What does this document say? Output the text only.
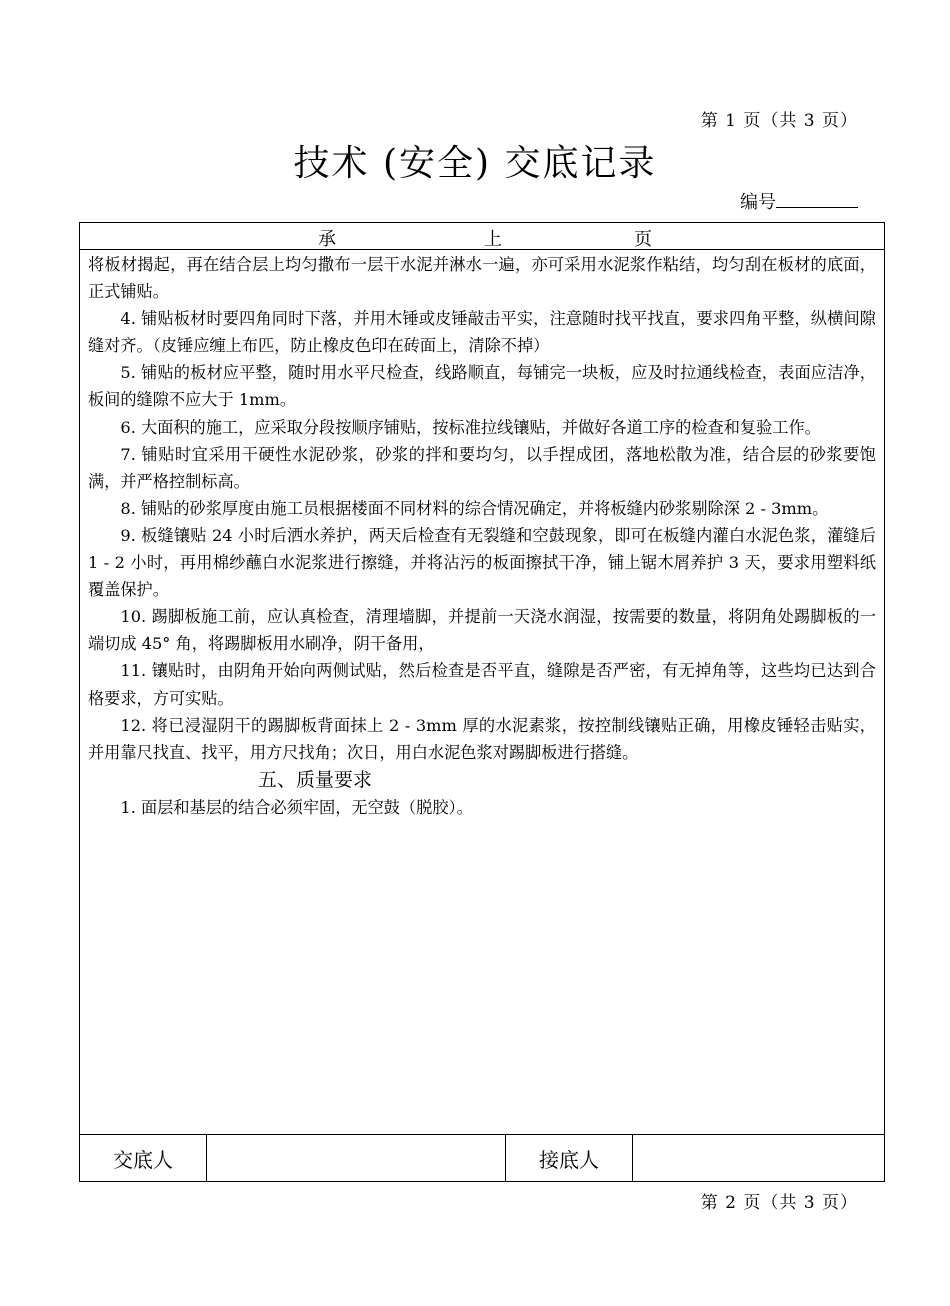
第 1 页（共 3 页）
技术 (安全) 交底记录
编号
承	上	页

将板材揭起，再在结合层上均匀撒布一层干水泥并淋水一遍，亦可采用水泥浆作粘结，均匀刮在板材的底面，正式铺贴。

4. 铺贴板材时要四角同时下落，并用木锤或皮锤敲击平实，注意随时找平找直，要求四角平整，纵横间隙缝对齐。（皮锤应缠上布匹，防止橡皮色印在砖面上，清除不掉）

5. 铺贴的板材应平整，随时用水平尺检查，线路顺直，每铺完一块板，应及时拉通线检查，表面应洁净，板间的缝隙不应大于 1mm。

6. 大面积的施工，应采取分段按顺序铺贴，按标准拉线镶贴，并做好各道工序的检查和复验工作。

7. 铺贴时宜采用干硬性水泥砂浆，砂浆的拌和要均匀，以手捏成团，落地松散为准，结合层的砂浆要饱满，并严格控制标高。

8. 铺贴的砂浆厚度由施工员根据楼面不同材料的综合情况确定，并将板缝内砂浆剔除深 2 - 3mm。

9. 板缝镶贴 24 小时后洒水养护，两天后检查有无裂缝和空鼓现象，即可在板缝内灌白水泥色浆，灌缝后 1 - 2 小时，再用棉纱蘸白水泥浆进行擦缝，并将沾污的板面擦拭干净，铺上锯木屑养护 3 天，要求用塑料纸覆盖保护。

10. 踢脚板施工前，应认真检查，清理墙脚，并提前一天浇水润湿，按需要的数量，将阴角处踢脚板的一端切成 45° 角，将踢脚板用水刷净，阴干备用，

11. 镶贴时，由阴角开始向两侧试贴，然后检查是否平直，缝隙是否严密，有无掉角等，这些均已达到合格要求，方可实贴。

12. 将已浸湿阴干的踢脚板背面抹上 2 - 3mm 厚的水泥素浆，按控制线镶贴正确，用橡皮锤轻击贴实，并用靠尺找直、找平，用方尺找角；次日，用白水泥色浆对踢脚板进行搭缝。

五、质量要求

1. 面层和基层的结合必须牢固，无空鼓（脱胶）。

交底人	接底人
第 2 页（共 3 页）
